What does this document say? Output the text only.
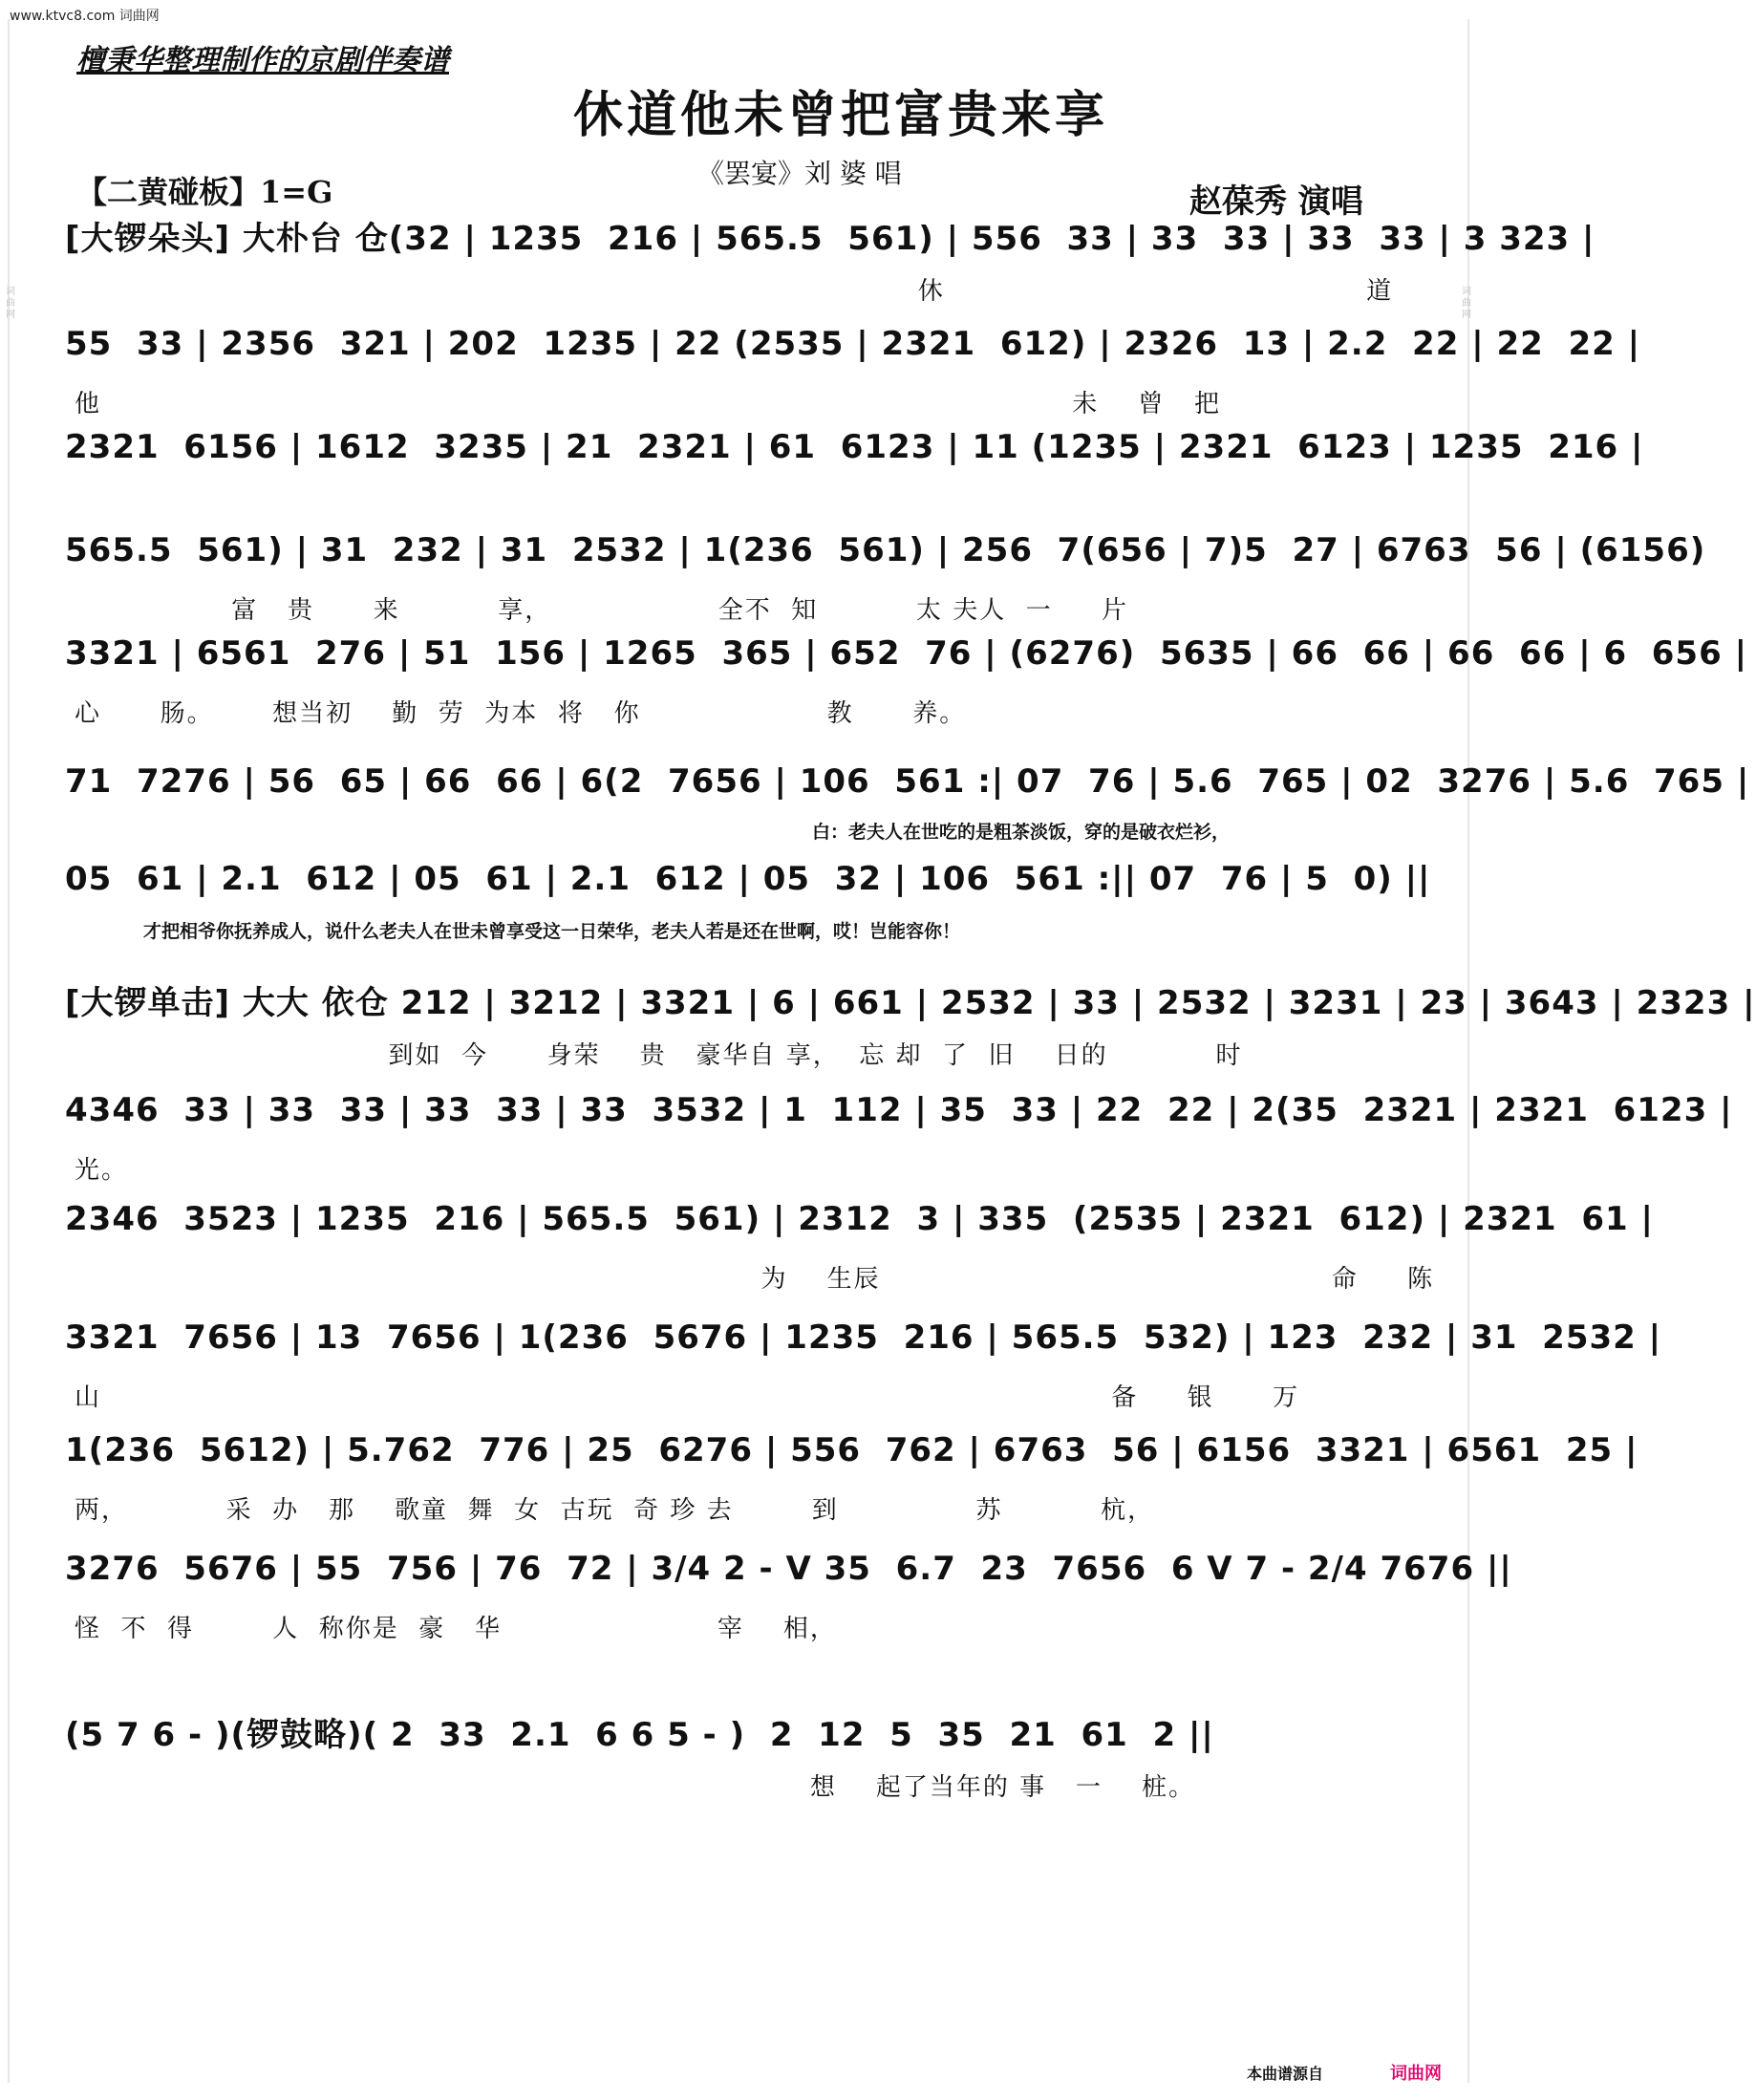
词
曲
网
词
曲
网
www.ktvc8.com 词曲网
檀秉华整理制作的京剧伴奏谱
休道他未曾把富贵来享
《罢宴》刘 婆 唱
【二黄碰板】1=G	赵葆秀 演唱
[大锣朵头] 大朴台 仓(32 | 1235  216 | 565.5  561) | 556  33 | 33  33 | 33  33 | 3 323 |
休                                           道
55  33 | 2356  321 | 202  1235 | 22 (2535 | 2321  612) | 2326  13 | 2.2  22 | 22  22 |
他                                                                                                   未    曾   把
2321  6156 | 1612  3235 | 21  2321 | 61  6123 | 11 (1235 | 2321  6123 | 1235  216 |
565.5  561) | 31  232 | 31  2532 | 1(236  561) | 256  7(656 | 7)5  27 | 6763  56 | (6156)
富   贵      来          享，                 全不  知          太 夫人  一     片
3321 | 6561  276 | 51  156 | 1265  365 | 652  76 | (6276)  5635 | 66  66 | 66  66 | 6  656 |
心      肠。      想当初    勤  劳  为本  将   你                   教      养。
71  7276 | 56  65 | 66  66 | 6(2  7656 | 106  561 :| 07  76 | 5.6  765 | 02  3276 | 5.6  765 |
05  61 | 2.1  612 | 05  61 | 2.1  612 | 05  32 | 106  561 :|| 07  76 | 5  0) ||
[大锣单击] 大大 依仓 212 | 3212 | 3321 | 6 | 661 | 2532 | 33 | 2532 | 3231 | 23 | 3643 | 2323 |
到如  今      身荣    贵   豪华自 享，  忘 却  了  旧    日的           时
4346  33 | 33  33 | 33  33 | 33  3532 | 1  112 | 35  33 | 22  22 | 2(35  2321 | 2321  6123 |
光。
2346  3523 | 1235  216 | 565.5  561) | 2312  3 | 335  (2535 | 2321  612) | 2321  61 |
为    生辰                                              命     陈
3321  7656 | 13  7656 | 1(236  5676 | 1235  216 | 565.5  532) | 123  232 | 31  2532 |
山                                                                                                       备     银      万
1(236  5612) | 5.762  776 | 25  6276 | 556  762 | 6763  56 | 6156  3321 | 6561  25 |
两，          采  办   那    歌童  舞  女  古玩  奇 珍 去        到              苏          杭，
3276  5676 | 55  756 | 76  72 | 3/4 2 - V 35  6.7  23  7656  6 V 7 - 2/4 7676 ||
怪  不  得        人  称你是  豪   华                      宰    相，
(5 7 6 - )(锣鼓略)( 2  33  2.1  6 6 5 - )  2  12  5  35  21  61  2 ||
想    起了当年的 事   一    桩。
白：老夫人在世吃的是粗茶淡饭，穿的是破衣烂衫，
才把相爷你抚养成人，说什么老夫人在世未曾享受这一日荣华，老夫人若是还在世啊，哎！岂能容你！
本曲谱源自	词曲网
